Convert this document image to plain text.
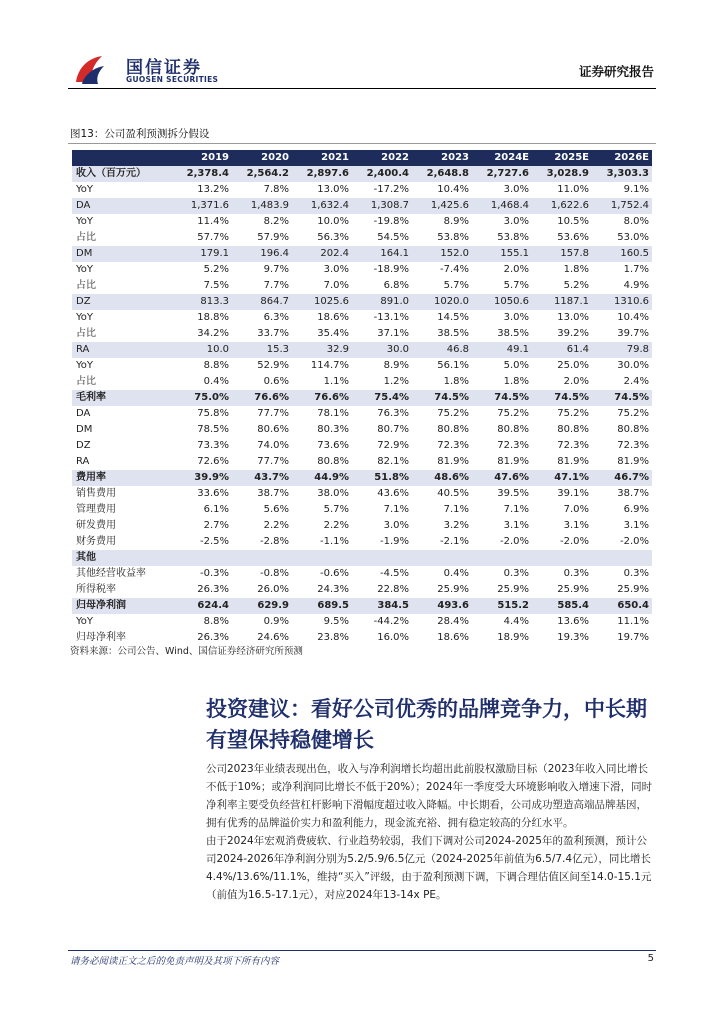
国信证券
GUOSEN SECURITIES
证券研究报告
图13：公司盈利预测拆分假设
	2019	2020	2021	2022	2023	2024E	2025E	2026E
收入（百万元）	2,378.4	2,564.2	2,897.6	2,400.4	2,648.8	2,727.6	3,028.9	3,303.3
YoY	13.2%	7.8%	13.0%	-17.2%	10.4%	3.0%	11.0%	9.1%
DA	1,371.6	1,483.9	1,632.4	1,308.7	1,425.6	1,468.4	1,622.6	1,752.4
YoY	11.4%	8.2%	10.0%	-19.8%	8.9%	3.0%	10.5%	8.0%
占比	57.7%	57.9%	56.3%	54.5%	53.8%	53.8%	53.6%	53.0%
DM	179.1	196.4	202.4	164.1	152.0	155.1	157.8	160.5
YoY	5.2%	9.7%	3.0%	-18.9%	-7.4%	2.0%	1.8%	1.7%
占比	7.5%	7.7%	7.0%	6.8%	5.7%	5.7%	5.2%	4.9%
DZ	813.3	864.7	1025.6	891.0	1020.0	1050.6	1187.1	1310.6
YoY	18.8%	6.3%	18.6%	-13.1%	14.5%	3.0%	13.0%	10.4%
占比	34.2%	33.7%	35.4%	37.1%	38.5%	38.5%	39.2%	39.7%
RA	10.0	15.3	32.9	30.0	46.8	49.1	61.4	79.8
YoY	8.8%	52.9%	114.7%	8.9%	56.1%	5.0%	25.0%	30.0%
占比	0.4%	0.6%	1.1%	1.2%	1.8%	1.8%	2.0%	2.4%
毛利率	75.0%	76.6%	76.6%	75.4%	74.5%	74.5%	74.5%	74.5%
DA	75.8%	77.7%	78.1%	76.3%	75.2%	75.2%	75.2%	75.2%
DM	78.5%	80.6%	80.3%	80.7%	80.8%	80.8%	80.8%	80.8%
DZ	73.3%	74.0%	73.6%	72.9%	72.3%	72.3%	72.3%	72.3%
RA	72.6%	77.7%	80.8%	82.1%	81.9%	81.9%	81.9%	81.9%
费用率	39.9%	43.7%	44.9%	51.8%	48.6%	47.6%	47.1%	46.7%
销售费用	33.6%	38.7%	38.0%	43.6%	40.5%	39.5%	39.1%	38.7%
管理费用	6.1%	5.6%	5.7%	7.1%	7.1%	7.1%	7.0%	6.9%
研发费用	2.7%	2.2%	2.2%	3.0%	3.2%	3.1%	3.1%	3.1%
财务费用	-2.5%	-2.8%	-1.1%	-1.9%	-2.1%	-2.0%	-2.0%	-2.0%
其他								
其他经营收益率	-0.3%	-0.8%	-0.6%	-4.5%	0.4%	0.3%	0.3%	0.3%
所得税率	26.3%	26.0%	24.3%	22.8%	25.9%	25.9%	25.9%	25.9%
归母净利润	624.4	629.9	689.5	384.5	493.6	515.2	585.4	650.4
YoY	8.8%	0.9%	9.5%	-44.2%	28.4%	4.4%	13.6%	11.1%
归母净利率	26.3%	24.6%	23.8%	16.0%	18.6%	18.9%	19.3%	19.7%
资料来源：公司公告、Wind、国信证券经济研究所预测
投资建议：看好公司优秀的品牌竞争力，中长期有望保持稳健增长

公司2023年业绩表现出色，收入与净利润增长均超出此前股权激励目标（2023年收入同比增长不低于10%；或净利润同比增长不低于20%）；2024年一季度受大环境影响收入增速下滑，同时净利率主要受负经营杠杆影响下滑幅度超过收入降幅。中长期看，公司成功塑造高端品牌基因，拥有优秀的品牌溢价实力和盈利能力，现金流充裕、拥有稳定较高的分红水平。

由于2024年宏观消费疲软、行业趋势较弱，我们下调对公司2024-2025年的盈利预测，预计公司2024-2026年净利润分别为5.2/5.9/6.5亿元（2024-2025年前值为6.5/7.4亿元），同比增长4.4%/13.6%/11.1%，维持“买入”评级，由于盈利预测下调，下调合理估值区间至14.0-15.1元（前值为16.5-17.1元），对应2024年13-14x PE。

请务必阅读正文之后的免责声明及其项下所有内容	5
